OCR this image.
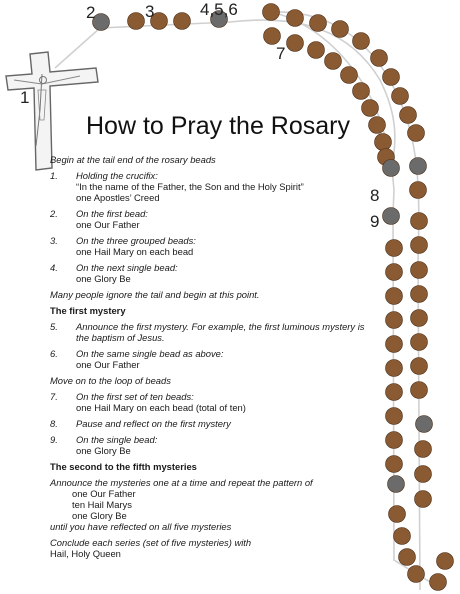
1
2	3	4,5,6
7
8
9
How to Pray the Rosary
Begin at the tail end of the rosary beads
1.	Holding the crucifix:
“In the name of the Father, the Son and the Holy Spirit”
one Apostles’ Creed
2.	On the first bead:
one Our Father
3.	On the three grouped beads:
one Hail Mary on each bead
4.	On the next single bead:
one Glory Be
Many people ignore the tail and begin at this point.
The first mystery
5.	Announce the first mystery. For example, the first luminous mystery is the baptism of Jesus.
6.	On the same single bead as above:
one Our Father
Move on to the loop of beads
7.	On the first set of ten beads:
one Hail Mary on each bead (total of ten)
8.	Pause and reflect on the first mystery
9.	On the single bead:
one Glory Be
The second to the fifth mysteries
Announce the mysteries one at a time and repeat the pattern of
one Our Father
ten Hail Marys
one Glory Be
until you have reflected on all five mysteries
Conclude each series (set of five mysteries) with
Hail, Holy Queen
